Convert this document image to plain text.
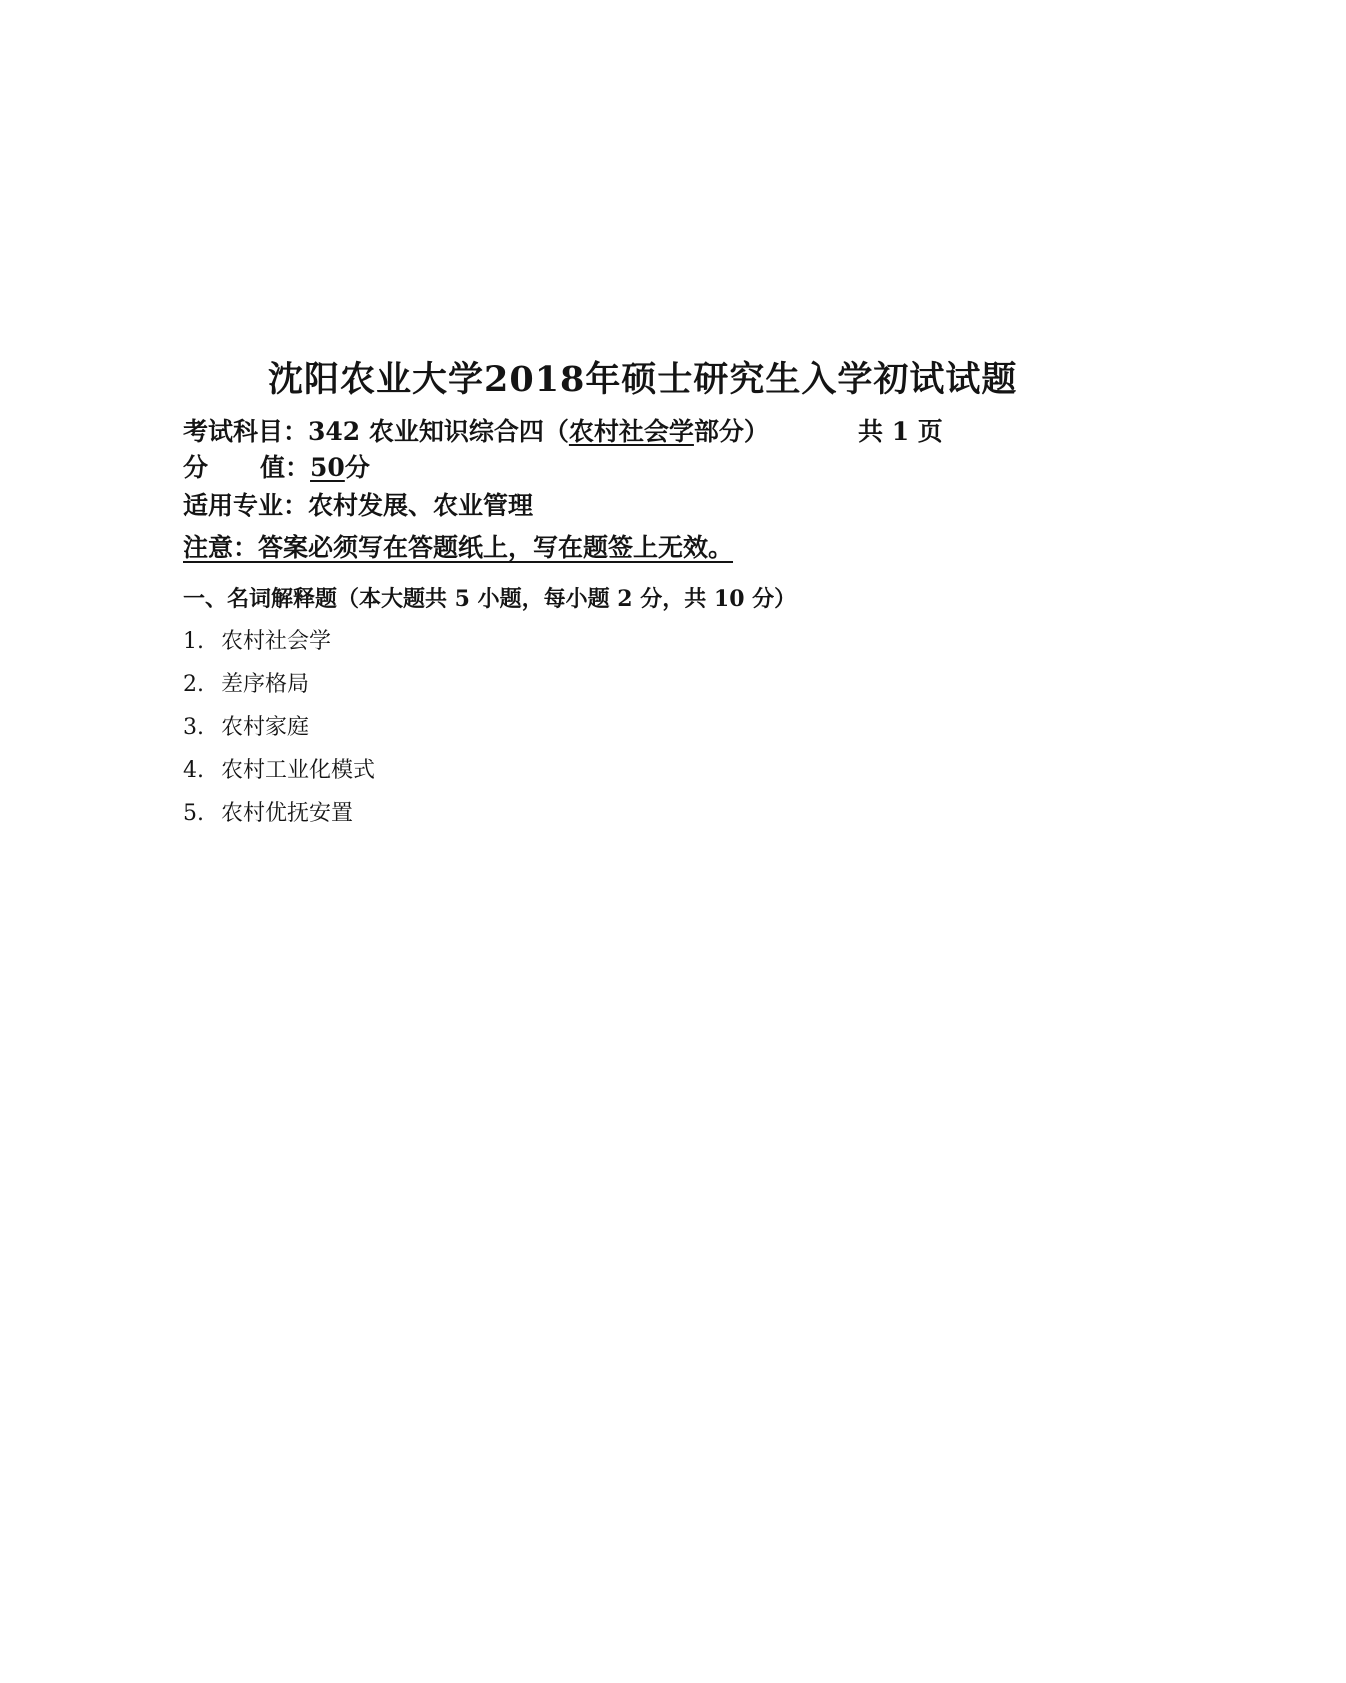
沈阳农业大学2018年硕士研究生入学初试试题
考试科目：342 农业知识综合四（农村社会学部分）	共 1 页
分 值：50分
适用专业：农村发展、农业管理
注意：答案必须写在答题纸上，写在题签上无效。
一、名词解释题（本大题共 5 小题，每小题 2 分，共 10 分）
1. 农村社会学
2. 差序格局
3. 农村家庭
4. 农村工业化模式
5. 农村优抚安置
